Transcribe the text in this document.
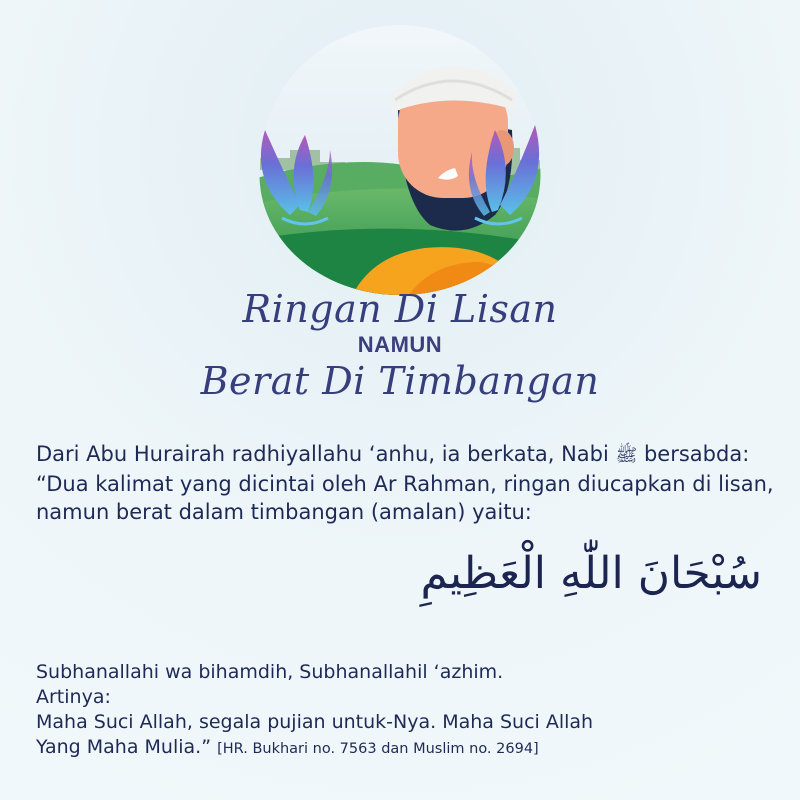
Ringan Di Lisan
NAMUN
Berat Di Timbangan
Dari Abu Hurairah radhiyallahu ‘anhu, ia berkata, Nabi ﷺ bersabda:
“Dua kalimat yang dicintai oleh Ar Rahman, ringan diucapkan di lisan,
namun berat dalam timbangan (amalan) yaitu:
سُبْحَانَ اللّٰهِ الْعَظِيمِ
Subhanallahi wa bihamdih, Subhanallahil ‘azhim.
Artinya:
Maha Suci Allah, segala pujian untuk-Nya. Maha Suci Allah
Yang Maha Mulia.” [HR. Bukhari no. 7563 dan Muslim no. 2694]
